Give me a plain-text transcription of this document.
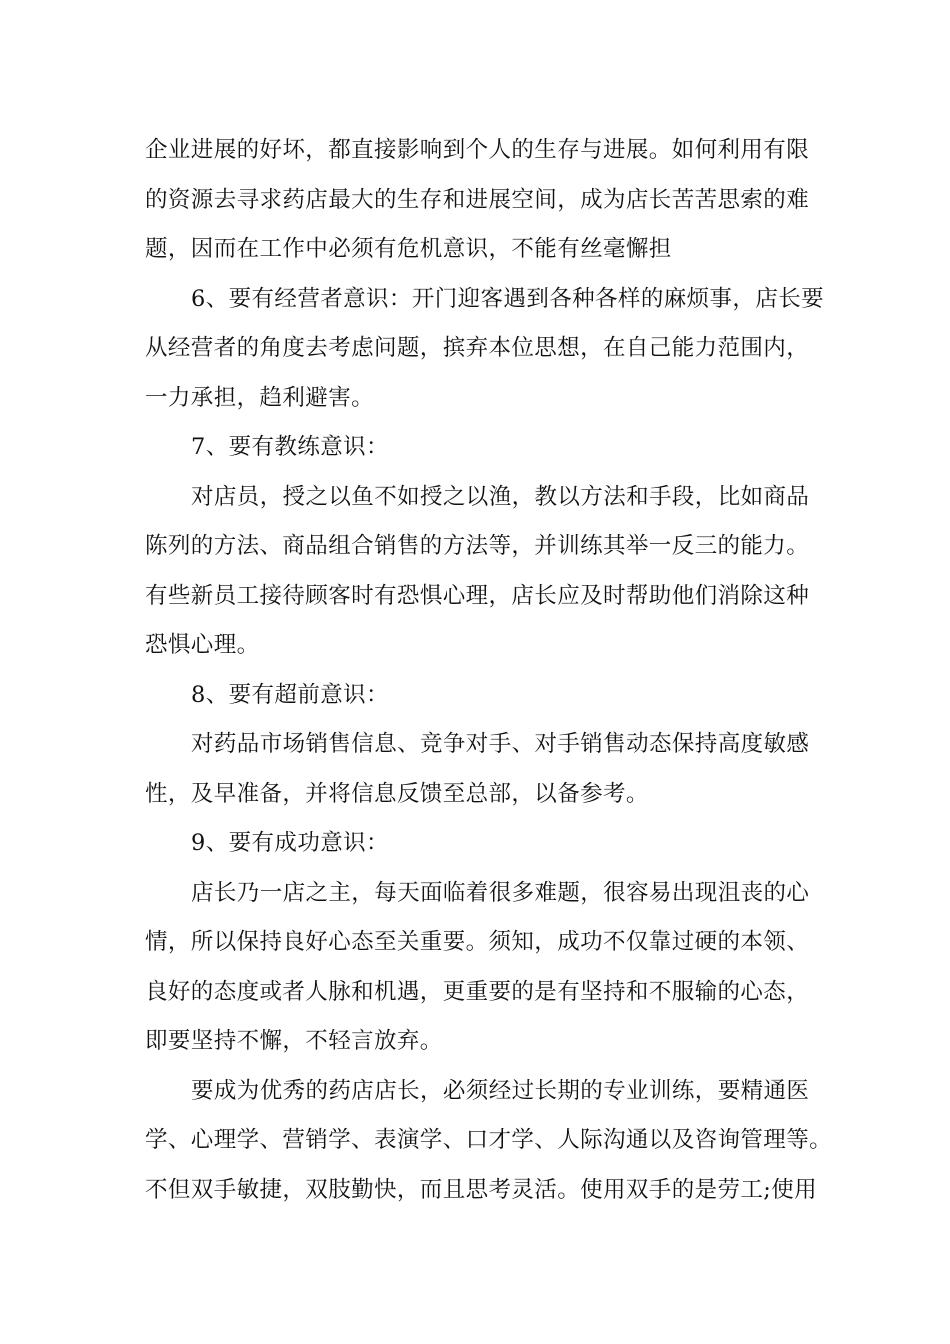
企业进展的好坏，都直接影响到个人的生存与进展。如何利用有限
的资源去寻求药店最大的生存和进展空间，成为店长苦苦思索的难
题，因而在工作中必须有危机意识，不能有丝毫懈担
6、要有经营者意识：开门迎客遇到各种各样的麻烦事，店长要
从经营者的角度去考虑问题，摈弃本位思想，在自己能力范围内，
一力承担，趋利避害。
7、要有教练意识：
对店员，授之以鱼不如授之以渔，教以方法和手段，比如商品
陈列的方法、商品组合销售的方法等，并训练其举一反三的能力。
有些新员工接待顾客时有恐惧心理，店长应及时帮助他们消除这种
恐惧心理。
8、要有超前意识：
对药品市场销售信息、竞争对手、对手销售动态保持高度敏感
性，及早准备，并将信息反馈至总部，以备参考。
9、要有成功意识：
店长乃一店之主，每天面临着很多难题，很容易出现沮丧的心
情，所以保持良好心态至关重要。须知，成功不仅靠过硬的本领、
良好的态度或者人脉和机遇，更重要的是有坚持和不服输的心态，
即要坚持不懈，不轻言放弃。
要成为优秀的药店店长，必须经过长期的专业训练，要精通医
学、心理学、营销学、表演学、口才学、人际沟通以及咨询管理等。
不但双手敏捷，双肢勤快，而且思考灵活。使用双手的是劳工;使用
